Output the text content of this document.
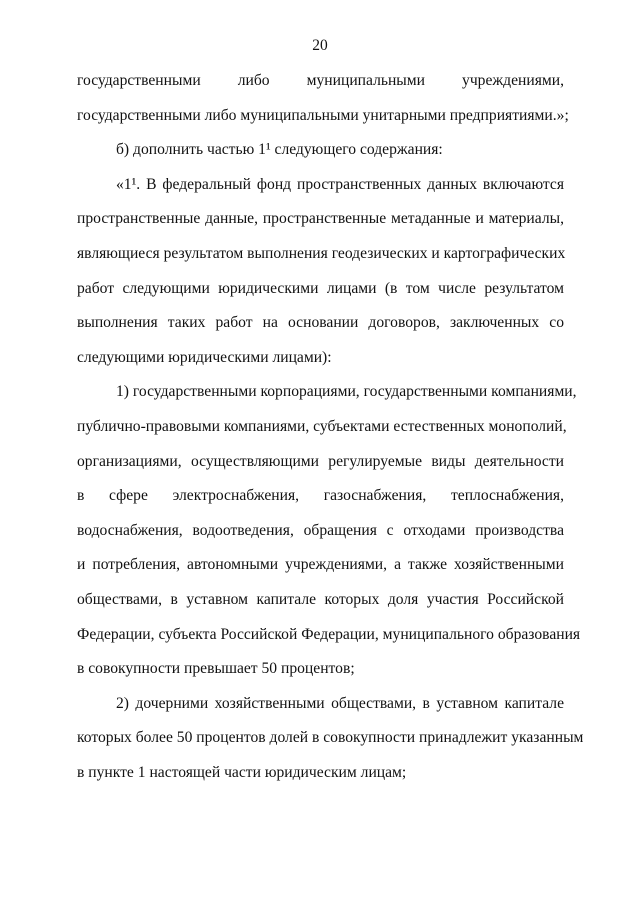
20
государственными либо муниципальными учреждениями,
государственными либо муниципальными унитарными предприятиями.»;
б) дополнить частью 1¹ следующего содержания:
«1¹. В федеральный фонд пространственных данных включаются
пространственные данные, пространственные метаданные и материалы,
являющиеся результатом выполнения геодезических и картографических
работ следующими юридическими лицами (в том числе результатом
выполнения таких работ на основании договоров, заключенных со
следующими юридическими лицами):
1) государственными корпорациями, государственными компаниями,
публично-правовыми компаниями, субъектами естественных монополий,
организациями, осуществляющими регулируемые виды деятельности
в сфере электроснабжения, газоснабжения, теплоснабжения,
водоснабжения, водоотведения, обращения с отходами производства
и потребления, автономными учреждениями, а также хозяйственными
обществами, в уставном капитале которых доля участия Российской
Федерации, субъекта Российской Федерации, муниципального образования
в совокупности превышает 50 процентов;
2) дочерними хозяйственными обществами, в уставном капитале
которых более 50 процентов долей в совокупности принадлежит указанным
в пункте 1 настоящей части юридическим лицам;
